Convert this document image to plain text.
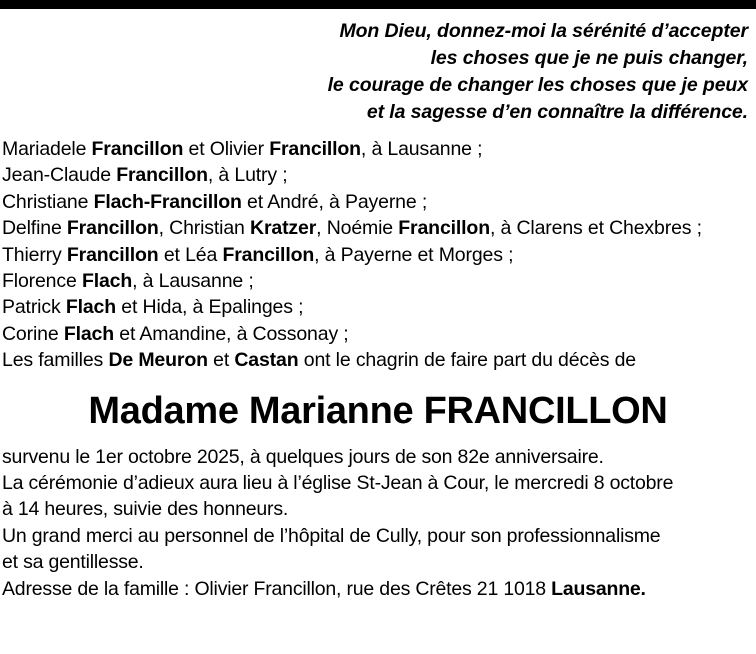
Mon Dieu, donnez-moi la sérénité d’accepter
les choses que je ne puis changer,
le courage de changer les choses que je peux
et la sagesse d’en connaître la différence.
Mariadele Francillon et Olivier Francillon, à Lausanne ;
Jean-Claude Francillon, à Lutry ;
Christiane Flach-Francillon et André, à Payerne ;
Delfine Francillon, Christian Kratzer, Noémie Francillon, à Clarens et Chexbres ;
Thierry Francillon et Léa Francillon, à Payerne et Morges ;
Florence Flach, à Lausanne ;
Patrick Flach et Hida, à Epalinges ;
Corine Flach et Amandine, à Cossonay ;
Les familles De Meuron et Castan ont le chagrin de faire part du décès de
Madame Marianne FRANCILLON
survenu le 1er octobre 2025, à quelques jours de son 82e anniversaire.
La cérémonie d’adieux aura lieu à l’église St-Jean à Cour, le mercredi 8 octobre
à 14 heures, suivie des honneurs.
Un grand merci au personnel de l’hôpital de Cully, pour son professionnalisme
et sa gentillesse.
Adresse de la famille : Olivier Francillon, rue des Crêtes 21 1018 Lausanne.
